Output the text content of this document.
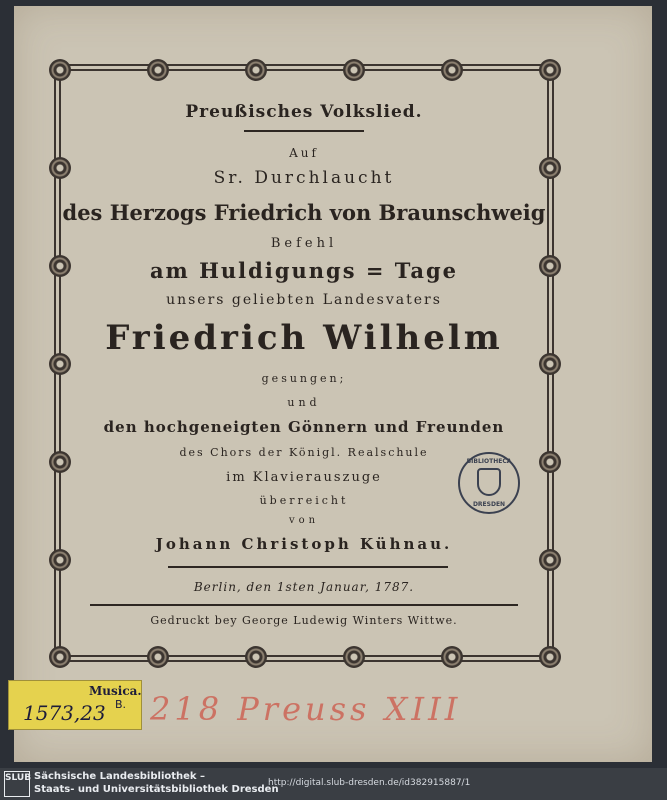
Preußisches Volkslied.
Auf
Sr. Durchlaucht
des Herzogs Friedrich von Braunschweig
Befehl
am Huldigungs = Tage
unsers geliebten Landesvaters
Friedrich Wilhelm
gesungen;
und
den hochgeneigten Gönnern und Freunden
des Chors der Königl. Realschule
im Klavierauszuge
überreicht
von
Johann Christoph Kühnau.
Berlin, den 1sten Januar, 1787.
Gedruckt bey George Ludewig Winters Wittwe.
BIBLIOTHECA
DRESDEN
Musica.
B.
1573,23 218 Preuss XIII
SLUB Sächsische Landesbibliothek –
Staats- und Universitätsbibliothek Dresden
http://digital.slub-dresden.de/id382915887/1
